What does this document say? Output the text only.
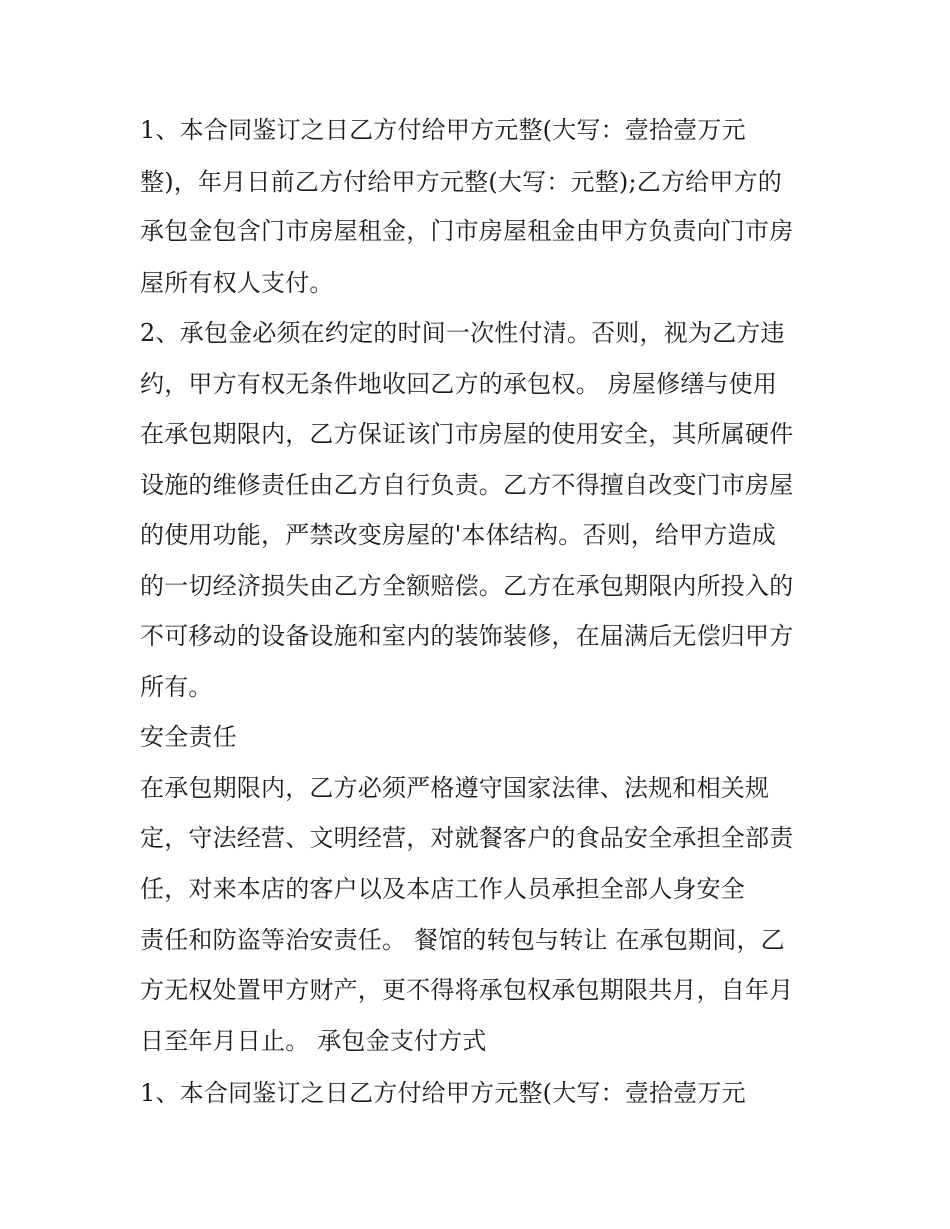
1、本合同鉴订之日乙方付给甲方元整(大写：壹拾壹万元
整)，年月日前乙方付给甲方元整(大写：元整);乙方给甲方的
承包金包含门市房屋租金，门市房屋租金由甲方负责向门市房
屋所有权人支付。
2、承包金必须在约定的时间一次性付清。否则，视为乙方违
约，甲方有权无条件地收回乙方的承包权。 房屋修缮与使用
在承包期限内，乙方保证该门市房屋的使用安全，其所属硬件
设施的维修责任由乙方自行负责。乙方不得擅自改变门市房屋
的使用功能，严禁改变房屋的'本体结构。否则，给甲方造成
的一切经济损失由乙方全额赔偿。乙方在承包期限内所投入的
不可移动的设备设施和室内的装饰装修，在届满后无偿归甲方
所有。
安全责任
在承包期限内，乙方必须严格遵守国家法律、法规和相关规
定，守法经营、文明经营，对就餐客户的食品安全承担全部责
任，对来本店的客户以及本店工作人员承担全部人身安全
责任和防盗等治安责任。 餐馆的转包与转让 在承包期间，乙
方无权处置甲方财产，更不得将承包权承包期限共月，自年月
日至年月日止。 承包金支付方式
1、本合同鉴订之日乙方付给甲方元整(大写：壹拾壹万元
